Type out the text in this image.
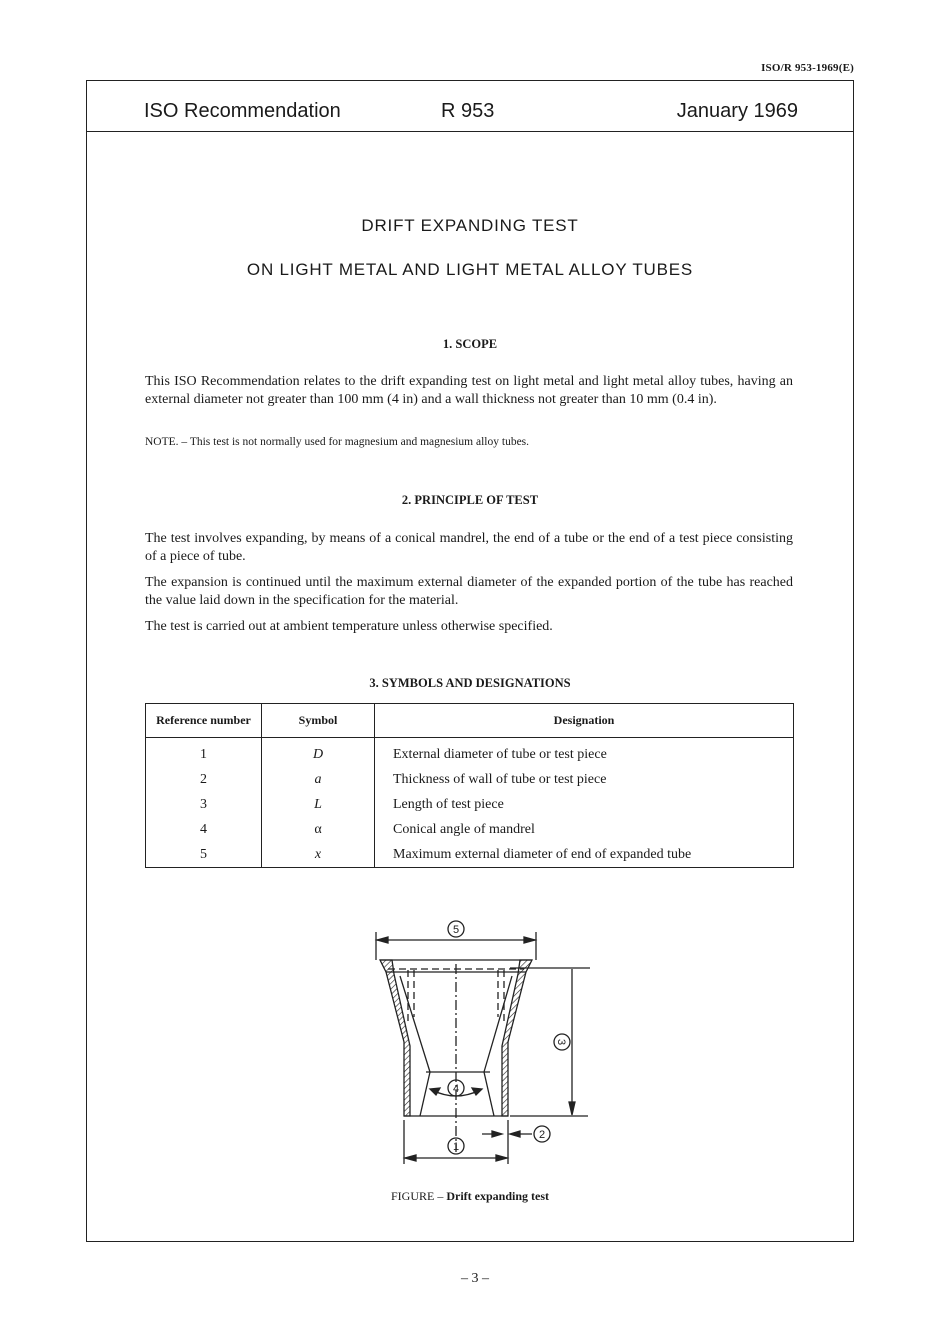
ISO/R 953-1969(E)
ISO Recommendation	R 953	January 1969
DRIFT EXPANDING TEST
ON LIGHT METAL AND LIGHT METAL ALLOY TUBES
1. SCOPE
This ISO Recommendation relates to the drift expanding test on light metal and light metal alloy tubes, having an external diameter not greater than 100 mm (4 in) and a wall thickness not greater than 10 mm (0.4 in).
NOTE. – This test is not normally used for magnesium and magnesium alloy tubes.
2. PRINCIPLE OF TEST
The test involves expanding, by means of a conical mandrel, the end of a tube or the end of a test piece consisting of a piece of tube.
The expansion is continued until the maximum external diameter of the expanded portion of the tube has reached the value laid down in the specification for the material.
The test is carried out at ambient temperature unless otherwise specified.
3. SYMBOLS AND DESIGNATIONS
Reference number	Symbol	Designation
1	D	External diameter of tube or test piece
2	a	Thickness of wall of tube or test piece
3	L	Length of test piece
4	α	Conical angle of mandrel
5	x	Maximum external diameter of end of expanded tube
5
4
3
1
2
FIGURE – Drift expanding test
– 3 –
